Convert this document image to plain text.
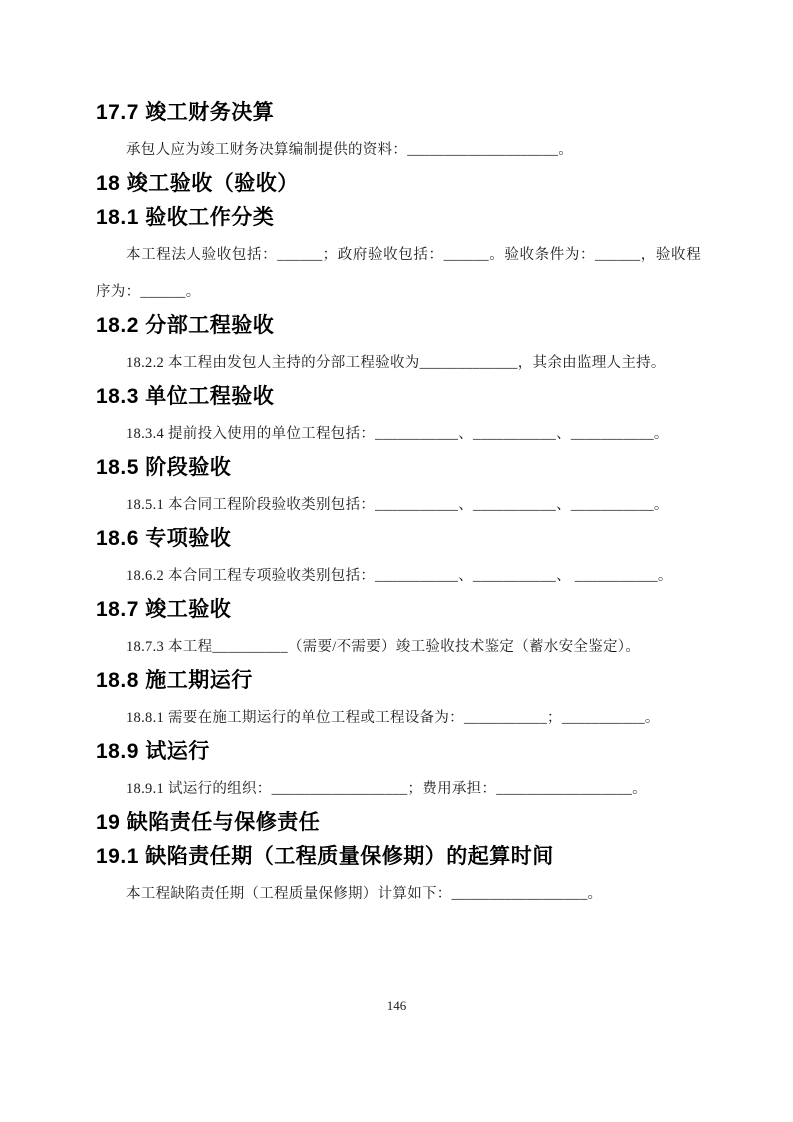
17.7 竣工财务决算

承包人应为竣工财务决算编制提供的资料：____________________。

18 竣工验收（验收）
18.1 验收工作分类

本工程法人验收包括：______；政府验收包括：______。验收条件为：______，验收程序为：______。

18.2 分部工程验收

18.2.2 本工程由发包人主持的分部工程验收为_____________，其余由监理人主持。

18.3 单位工程验收

18.3.4 提前投入使用的单位工程包括：___________、___________、___________。

18.5 阶段验收

18.5.1 本合同工程阶段验收类别包括：___________、___________、___________。

18.6 专项验收

18.6.2 本合同工程专项验收类别包括：___________、___________、 ___________。

18.7 竣工验收

18.7.3 本工程__________（需要/不需要）竣工验收技术鉴定（蓄水安全鉴定）。

18.8 施工期运行

18.8.1 需要在施工期运行的单位工程或工程设备为：___________；___________。

18.9 试运行

18.9.1 试运行的组织：__________________；费用承担：__________________。

19 缺陷责任与保修责任
19.1 缺陷责任期（工程质量保修期）的起算时间

本工程缺陷责任期（工程质量保修期）计算如下：__________________。

146
